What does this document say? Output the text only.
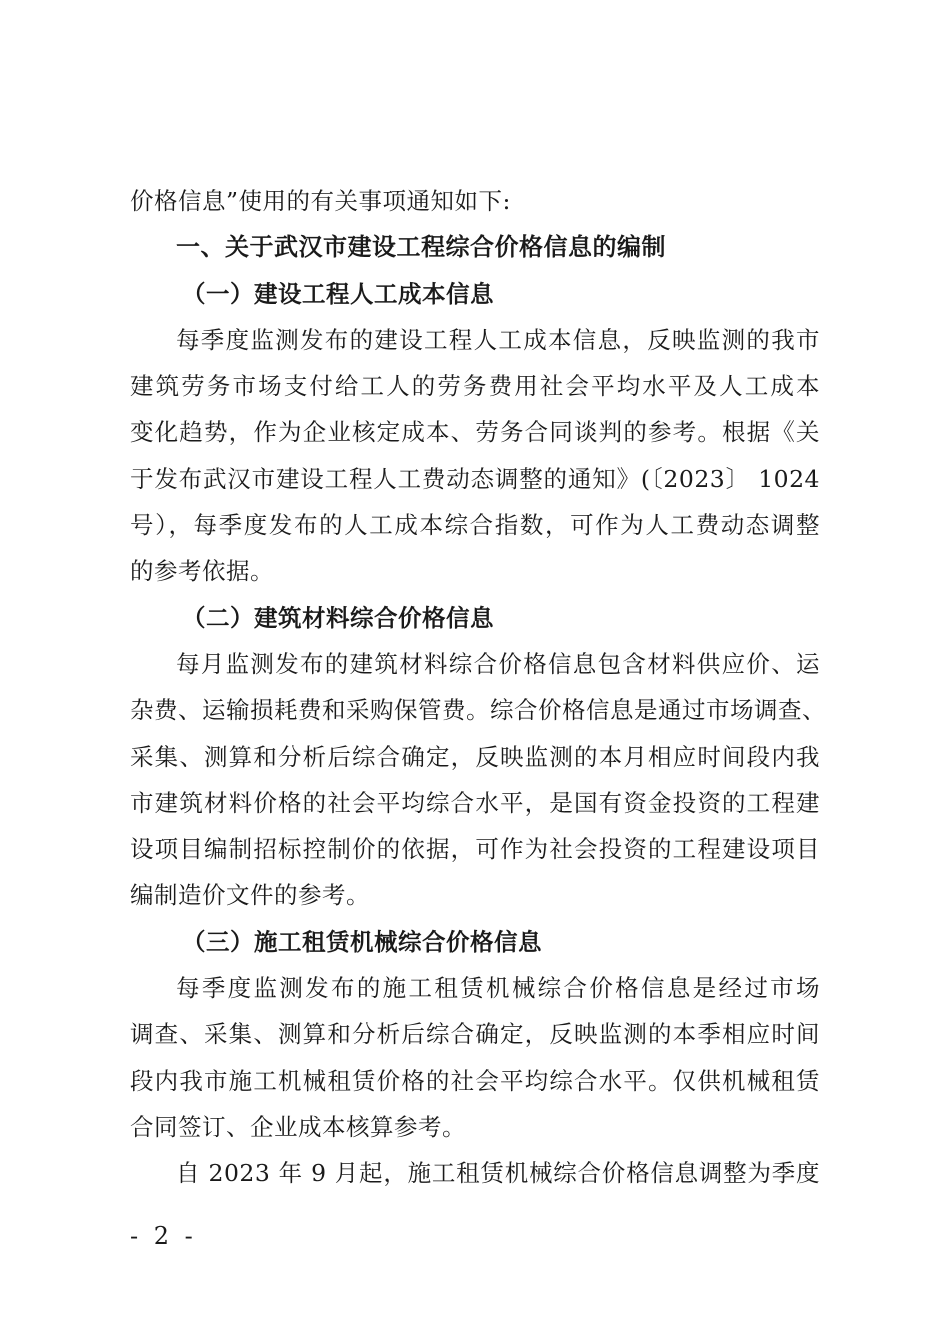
价格信息”使用的有关事项通知如下:
一、关于武汉市建设工程综合价格信息的编制
（一）建设工程人工成本信息
每季度监测发布的建设工程人工成本信息，反映监测的我市
建筑劳务市场支付给工人的劳务费用社会平均水平及人工成本
变化趋势，作为企业核定成本、劳务合同谈判的参考。根据《关
于发布武汉市建设工程人工费动态调整的通知》(〔2023〕 1024
号），每季度发布的人工成本综合指数，可作为人工费动态调整
的参考依据。
（二）建筑材料综合价格信息
每月监测发布的建筑材料综合价格信息包含材料供应价、运
杂费、运输损耗费和采购保管费。综合价格信息是通过市场调查、
采集、测算和分析后综合确定，反映监测的本月相应时间段内我
市建筑材料价格的社会平均综合水平，是国有资金投资的工程建
设项目编制招标控制价的依据，可作为社会投资的工程建设项目
编制造价文件的参考。
（三）施工租赁机械综合价格信息
每季度监测发布的施工租赁机械综合价格信息是经过市场
调查、采集、测算和分析后综合确定，反映监测的本季相应时间
段内我市施工机械租赁价格的社会平均综合水平。仅供机械租赁
合同签订、企业成本核算参考。
自 2023 年 9 月起，施工租赁机械综合价格信息调整为季度
- 2 -
